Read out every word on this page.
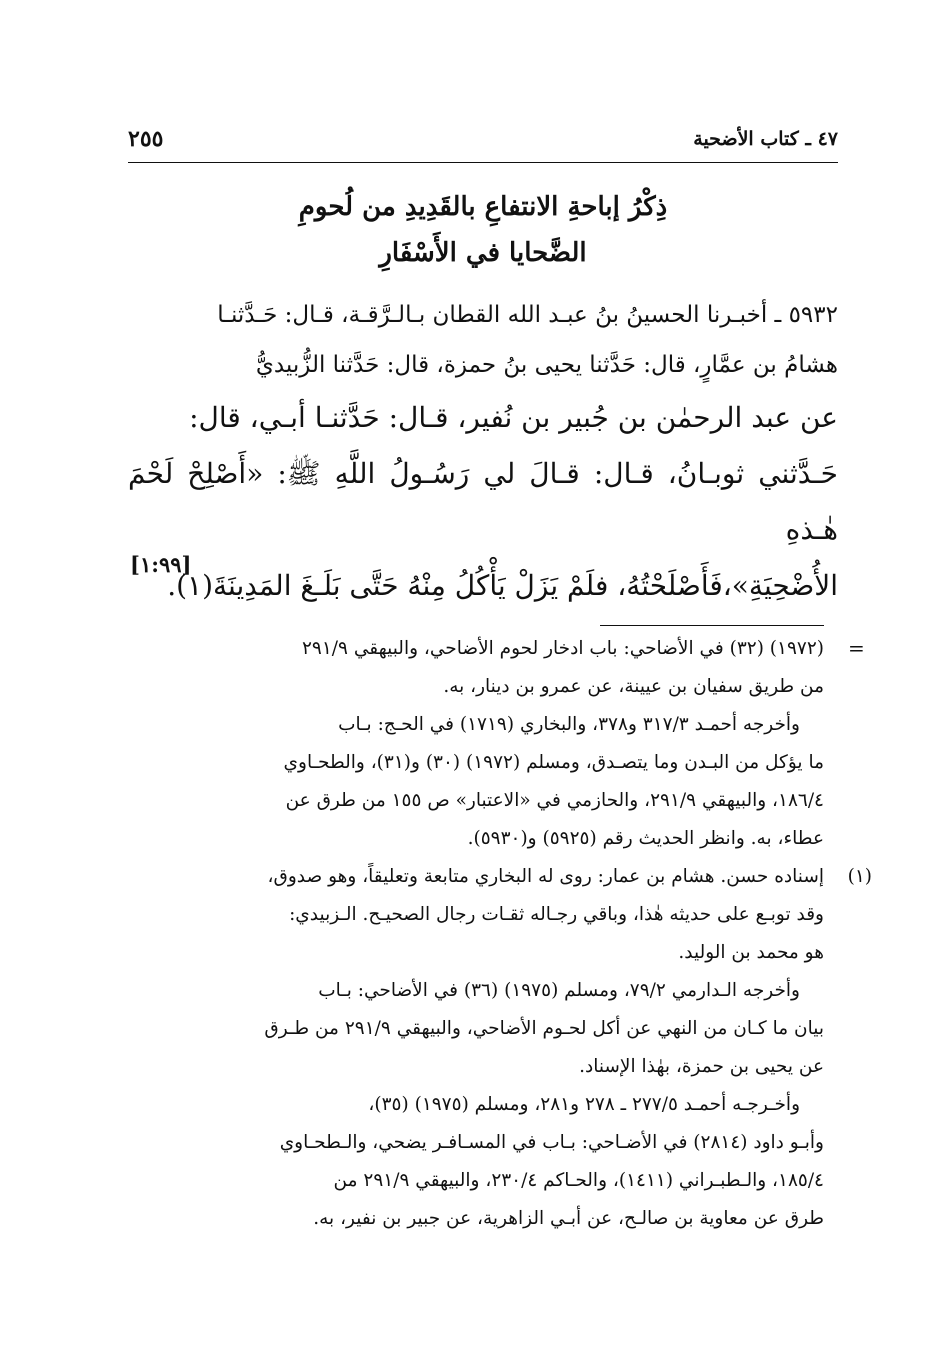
٤٧ ـ كتاب الأضحية
٢٥٥
ذِكْرُ إباحةِ الانتفاعِ بالقَدِيدِ من لُحومِ
الضَّحايا في الأَسْفَارِ
٥٩٣٢ ـ أخبـرنا الحسينُ بنُ عبـد الله القطان بـالـرَّقـة، قـال: حَـدَّثنـا
هشامُ بن عمَّارٍ، قال: حَدَّثنا يحيى بنُ حمزة، قال: حَدَّثنا الزُّبيديُّ
عن عبد الرحمٰن بن جُبير بن نُفير، قـال: حَدَّثنـا أبـي، قال:
حَـدَّثني ثوبـانُ، قـال: قـالَ لي رَسُـولُ اللَّهِ ﷺ: «أَصْلِحْ لَحْمَ هٰـذهِ
الأُضْحِيَةِ»،فَأَصْلَحْتُهُ، فلَمْ يَزَلْ يَأْكُلُ مِنْهُ حَتَّى بَلَـغَ المَدِينَةَ(١).
[١:٩٩]
=

(١٩٧٢) (٣٢) في الأضاحي: باب ادخار لحوم الأضاحي، والبيهقي ٢٩١/٩

من طريق سفيان بن عيينة، عن عمرو بن دينار، به.

وأخرجه أحمـد ٣١٧/٣ و٣٧٨، والبخاري (١٧١٩) في الحـج: بـاب

ما يؤكل من البـدن وما يتصـدق، ومسلم (١٩٧٢) (٣٠) و(٣١)، والطحـاوي

١٨٦/٤، والبيهقي ٢٩١/٩، والحازمي في «الاعتبار» ص ١٥٥ من طرق عن

عطاء، به. وانظر الحديث رقم (٥٩٢٥) و(٥٩٣٠).

(١)

إسناده حسن. هشام بن عمار: روى له البخاري متابعة وتعليقاً، وهو صدوق،

وقد توبـع على حديثه هٰذا، وباقي رجـاله ثقـات رجال الصحيـح. الـزبيدي:

هو محمد بن الوليد.

وأخرجه الـدارمي ٧٩/٢، ومسلم (١٩٧٥) (٣٦) في الأضاحي: بـاب

بيان ما كـان من النهي عن أكل لحـوم الأضاحي، والبيهقي ٢٩١/٩ من طـرق

عن يحيى بن حمزة، بهٰذا الإسناد.

وأخـرجـه أحمـد ٢٧٧/٥ ـ ٢٧٨ و٢٨١، ومسلم (١٩٧٥) (٣٥)،

وأبـو داود (٢٨١٤) في الأضـاحي: بـاب في المسـافـر يضحي، والـطحـاوي

١٨٥/٤، والـطبـراني (١٤١١)، والحـاكم ٢٣٠/٤، والبيهقي ٢٩١/٩ من

طرق عن معاوية بن صالـح، عن أبـي الزاهرية، عن جبير بن نفير، به.
